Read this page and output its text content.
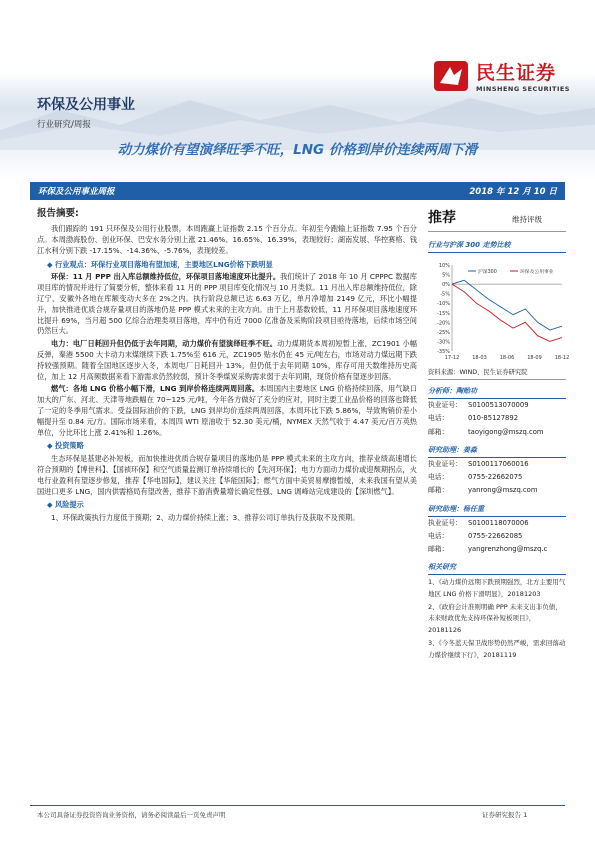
民生证券
MINSHENG SECURITIES
环保及公用事业
行业研究/周报
动力煤价有望演绎旺季不旺，LNG 价格到岸价连续两周下滑
环保及公用事业周报	2018 年 12 月 10 日
报告摘要:

我们跟踪的 191 只环保及公用行业股票，本周跑赢上证指数 2.15 个百分点。年初至今跑输上证指数 7.95 个百分点。本周渤海股份、创业环保、巴安水务分别上涨 21.46%、16.65%、16.39%，表现较好；湖南发展、华控赛格、钱江水利分别下跌 -17.15%、-14.36%、-5.76%，表现较差。

◆ 行业观点：环保行业项目落地有望加速，主要地区LNG价格下跌明显

环保：11 月 PPP 出入库总额维持低位，环保项目落地速度环比提升。我们统计了 2018 年 10 月 CPPPC 数据库项目库的情况并进行了简要分析，整体来看 11 月的 PPP 项目库变化情况与 10 月类似。11 月出入库总额维持低位，除辽宁、安徽外各地在库额变动大多在 2%之内。执行阶段总额已达 6.63 万亿，单月净增加 2149 亿元，环比小幅提升，加快推进优质合规存量项目的落地仍是 PPP 模式未来的主攻方向。由于上月基数较低，11 月环保项目落地速度环比提升 69%，当月超 500 亿综合治理类项目落地，库中仍有近 7000 亿准备及采购阶段项目亟待落地，后续市场空间仍然巨大。

电力：电厂日耗回升但仍低于去年同期，动力煤价有望演绎旺季不旺。动力煤期货本周初短暂上涨，ZC1901 小幅反弹，秦港 5500 大卡动力末煤继续下跌 1.75%至 616 元，ZC1905 贴水仍在 45 元/吨左右，市场对动力煤远期下跌持较强预期。随着全国地区逐步入冬，本周电厂日耗回升 13%，但仍低于去年同期 10%，库存可用天数维持历史高位，加上 12 月高频数据来看下游需求仍然较弱，预计冬季煤炭采购需求弱于去年同期，现货价格有望逐步回落。

燃气：各地 LNG 价格小幅下滑，LNG 到岸价格连续两周回落。本周国内主要地区 LNG 价格持续回落，用气缺口加大的广东、河北、天津等地跌幅在 70~125 元/吨，今年各方做好了充分的应对，同时主要工业品价格的回落也降低了一定的冬季用气需求。受益国际油价的下跌，LNG 到岸均价连续两周回落，本周环比下跌 5.86%，导致购销价差小幅提升至 0.84 元/方。国际市场来看，本周四 WTI 原油收于 52.30 美元/桶，NYMEX 天然气收于 4.47 美元/百万英热单位，分比环比上涨 2.41%和 1.26%。

◆ 投资策略

生态环保是基建必补短板，而加快推进优质合规存量项目的落地仍是 PPP 模式未来的主攻方向，推荐业绩高速增长符合预期的【博世科】、【国祯环保】和空气质量监测订单持续增长的【先河环保】；电力方面动力煤价或迎颓期拐点，火电行业盈利有望逐步修复，推荐【华电国际】，建议关注【华能国际】；燃气方面中美贸易摩擦暂缓，未来我国有望从美国进口更多 LNG，国内供需格局有望改善，推荐下游消费量增长确定性强、LNG 调峰站完成建设的【深圳燃气】。

◆ 风险提示

1、环保政策执行力度低于预期；2、动力煤价持续上涨；3、推荐公司订单执行及获取不及预期。

推荐	维持评级
行业与沪深 300 走势比较
10%
5%
0%
-5%
-10%
-15%
-20%
-25%
-30%
-35%
17-12	18-03	18-06	18-09	18-12
沪深300	环保及公用事业
资料来源：WIND、民生证券研究院
分析师：陶贻功
执业证号： S0100513070009
电话：	010-85127892
邮箱：	taoyigong@mszq.com
研究助理：姜淼
执业证号： S0100117060016
电话：	0755-22662075
邮箱：	yanrong@mszq.com
研究助理：杨任重
执业证号： S0100118070006
电话：	0755-22662085
邮箱：	yangrenzhong@mszq.c
相关研究

1、《动力煤价远期下跌预期强烈，北方主要用气地区 LNG 价格下滑明显》，20181203

2、《政府会计准则明确 PPP 未来支出非负债，未来财政优先支持环保补短板项目》，20181126

3、《今冬蓝天保卫战形势仍然严峻，需求回落动力煤价继续下行》，20181119

本公司具备证券投资咨询业务资格，请务必阅读最后一页免责声明	证券研究报告 1
